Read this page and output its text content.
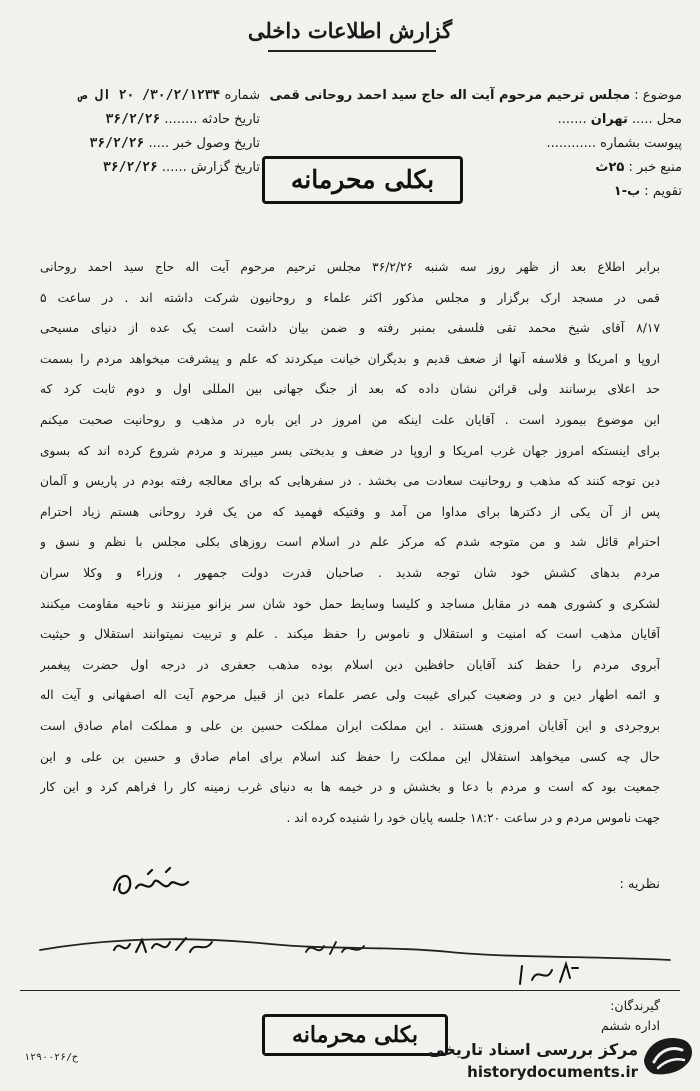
گزارش اطلاعات داخلی
شماره ۳۰/۲/۱۲۳۴/ ۲۰ ال ص
تاریخ حادثه ........ ۳۶/۲/۲۶
تاریخ وصول خبر ..... ۳۶/۲/۲۶
تاریخ گزارش ...... ۳۶/۲/۲۶
موضوع : مجلس ترحیم مرحوم آیت اله حاج سید احمد روحانی قمی
محل ..... تهران .......
پیوست بشماره ............
منبع خبر : ۲۵ث
تقویم : ب-۱
بکلی محرمانه
برابر اطلاع بعد از ظهر روز سه شنبه ۳۶/۲/۲۶ مجلس ترحیم مرحوم آیت اله حاج سید احمد روحانی
قمی در مسجد ارک برگزار و مجلس مذکور اکثر علماء و روحانیون شرکت داشته اند . در ساعت ۵
۸/۱۷ آقای شیخ محمد تقی فلسفی بمنبر رفته و ضمن بیان داشت است یک عده از دنیای مسیحی
اروپا و امریکا و فلاسفه آنها از ضعف قدیم و بدیگران خیانت میکردند که علم و پیشرفت میخواهد مردم را بسمت
حد اعلای برسانند ولی قرائن نشان داده که بعد از جنگ جهانی بین المللی اول و دوم ثابت کرد که
این موضوع بیمورد است . آقایان علت اینکه من امروز در این باره در مذهب و روحانیت صحبت میکنم
برای اینستکه امروز جهان غرب امریکا و اروپا در ضعف و بدبختی بسر میبرند و مردم شروع کرده اند که بسوی
دین توجه کنند که مذهب و روحانیت سعادت می بخشد . در سفرهایی که برای معالجه رفته بودم در پاریس و آلمان
پس از آن یکی از دکترها برای مداوا من آمد و وقتیکه فهمید که من یک فرد روحانی هستم زیاد احترام
احترام قائل شد و من متوجه شدم که مرکز علم در اسلام است روزهای بکلی مجلس با نظم و نسق و
مردم بدهای کشش خود شان توجه شدید . صاحبان قدرت دولت جمهور ، وزراء و وکلا سران
لشکری و کشوری همه در مقابل مساجد و کلیسا وسایط حمل خود شان سر بزانو میزنند و ناحیه مقاومت میکنند
آقایان مذهب است که امنیت و استقلال و ناموس را حفظ میکند . علم و تربیت نمیتوانند استقلال و حیثیت
آبروی مردم را حفظ کند آقایان حافظین دین اسلام بوده مذهب جعفری در درجه اول حضرت پیغمبر
و ائمه اطهار دین و در وضعیت کبرای غیبت ولی عصر علماء دین از قبیل مرحوم آیت اله اصفهانی و آیت اله
بروجردی و این آقایان امروزی هستند . این مملکت ایران مملکت حسین بن علی و مملکت امام صادق است
حال چه کسی میخواهد استقلال این مملکت را حفظ کند اسلام برای امام صادق و حسین بن علی و این
جمعیت بود که است و مردم با دعا و بخشش و در خیمه ها به دنیای غرب زمینه کار را فراهم کرد و این کار
جهت ناموس مردم و در ساعت ۱۸:۲۰ جلسه پایان خود را شنیده کرده اند .
نظریه :
الحیدری
گیرندگان:
اداره ششم
بکلی محرمانه
ح/۱۲۹۰۰۲۶	مرکز بررسی اسناد تاریخی
historydocuments.ir
